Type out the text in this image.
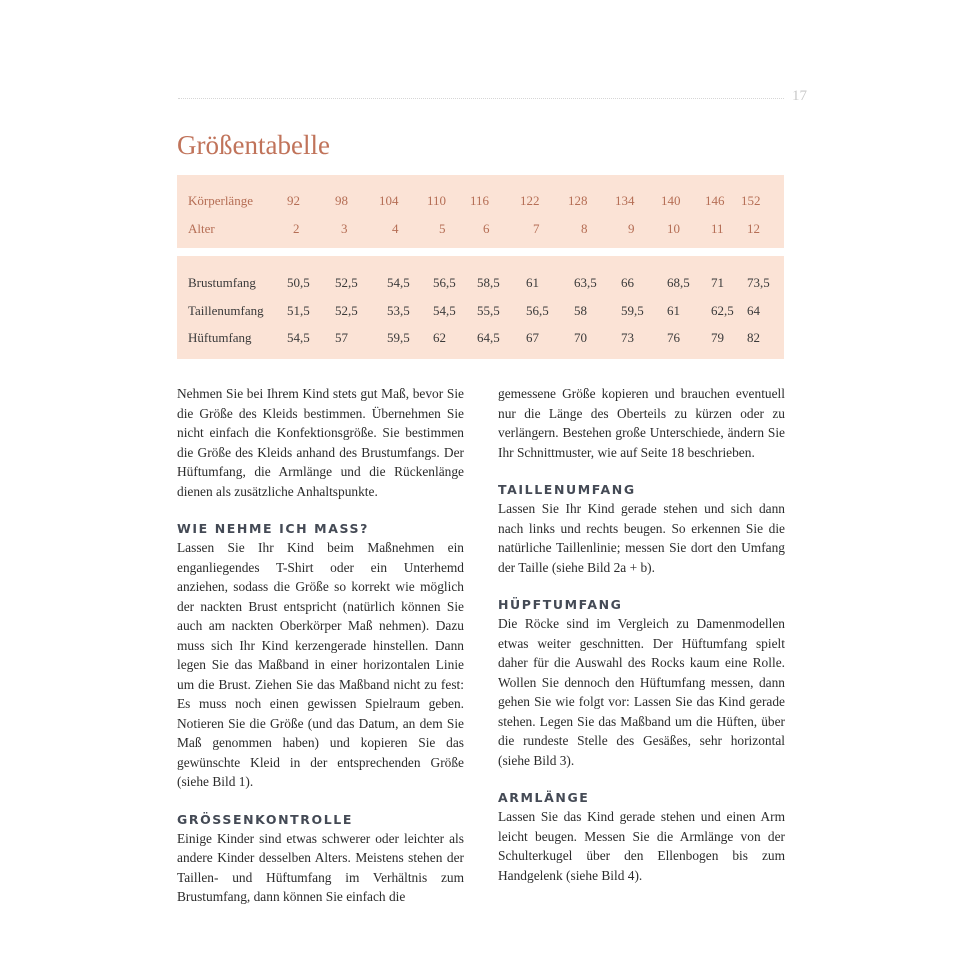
17
Größentabelle
Körperlänge	92	98 104 110 116 122 128 134 140 146 152
Alter	2	3	4	5	6	7	8	9	10 11 12
Brustumfang 50,5 52,5 54,5 56,5 58,5 61	63,5 66	68,5 71 73,5
Taillenumfang 51,5 52,5 53,5 54,5 55,5 56,5 58	59,5 61 62,5 64
Hüftumfang	54,5 57	59,5 62 64,5 67	70	73	76 79 82

Nehmen Sie bei Ihrem Kind stets gut Maß, bevor Sie die Größe des Kleids bestimmen. Übernehmen Sie nicht einfach die Konfektionsgröße. Sie bestimmen die Größe des Kleids anhand des Brustumfangs. Der Hüftumfang, die Armlänge und die Rückenlänge dienen als zusätzliche Anhaltspunkte.

WIE NEHME ICH MASS?

Lassen Sie Ihr Kind beim Maßnehmen ein enganliegendes T-Shirt oder ein Unterhemd anziehen, sodass die Größe so korrekt wie möglich der nackten Brust entspricht (natürlich können Sie auch am nackten Oberkörper Maß nehmen). Dazu muss sich Ihr Kind kerzengerade hinstellen. Dann legen Sie das Maßband in einer horizontalen Linie um die Brust. Ziehen Sie das Maßband nicht zu fest: Es muss noch einen gewissen Spielraum geben. Notieren Sie die Größe (und das Datum, an dem Sie Maß genommen haben) und kopieren Sie das gewünschte Kleid in der entsprechenden Größe (siehe Bild 1).

GRÖSSENKONTROLLE

Einige Kinder sind etwas schwerer oder leichter als andere Kinder desselben Alters. Meistens stehen der Taillen- und Hüftumfang im Verhältnis zum Brustumfang, dann können Sie einfach die

gemessene Größe kopieren und brauchen eventuell nur die Länge des Oberteils zu kürzen oder zu verlängern. Bestehen große Unterschiede, ändern Sie Ihr Schnittmuster, wie auf Seite 18 beschrieben.

TAILLENUMFANG

Lassen Sie Ihr Kind gerade stehen und sich dann nach links und rechts beugen. So erkennen Sie die natürliche Taillenlinie; messen Sie dort den Umfang der Taille (siehe Bild 2a + b).

HÜPFTUMFANG

Die Röcke sind im Vergleich zu Damenmodellen etwas weiter geschnitten. Der Hüftumfang spielt daher für die Auswahl des Rocks kaum eine Rolle. Wollen Sie dennoch den Hüftumfang messen, dann gehen Sie wie folgt vor: Lassen Sie das Kind gerade stehen. Legen Sie das Maßband um die Hüften, über die rundeste Stelle des Gesäßes, sehr horizontal (siehe Bild 3).

ARMLÄNGE

Lassen Sie das Kind gerade stehen und einen Arm leicht beugen. Messen Sie die Armlänge von der Schulterkugel über den Ellenbogen bis zum Handgelenk (siehe Bild 4).
